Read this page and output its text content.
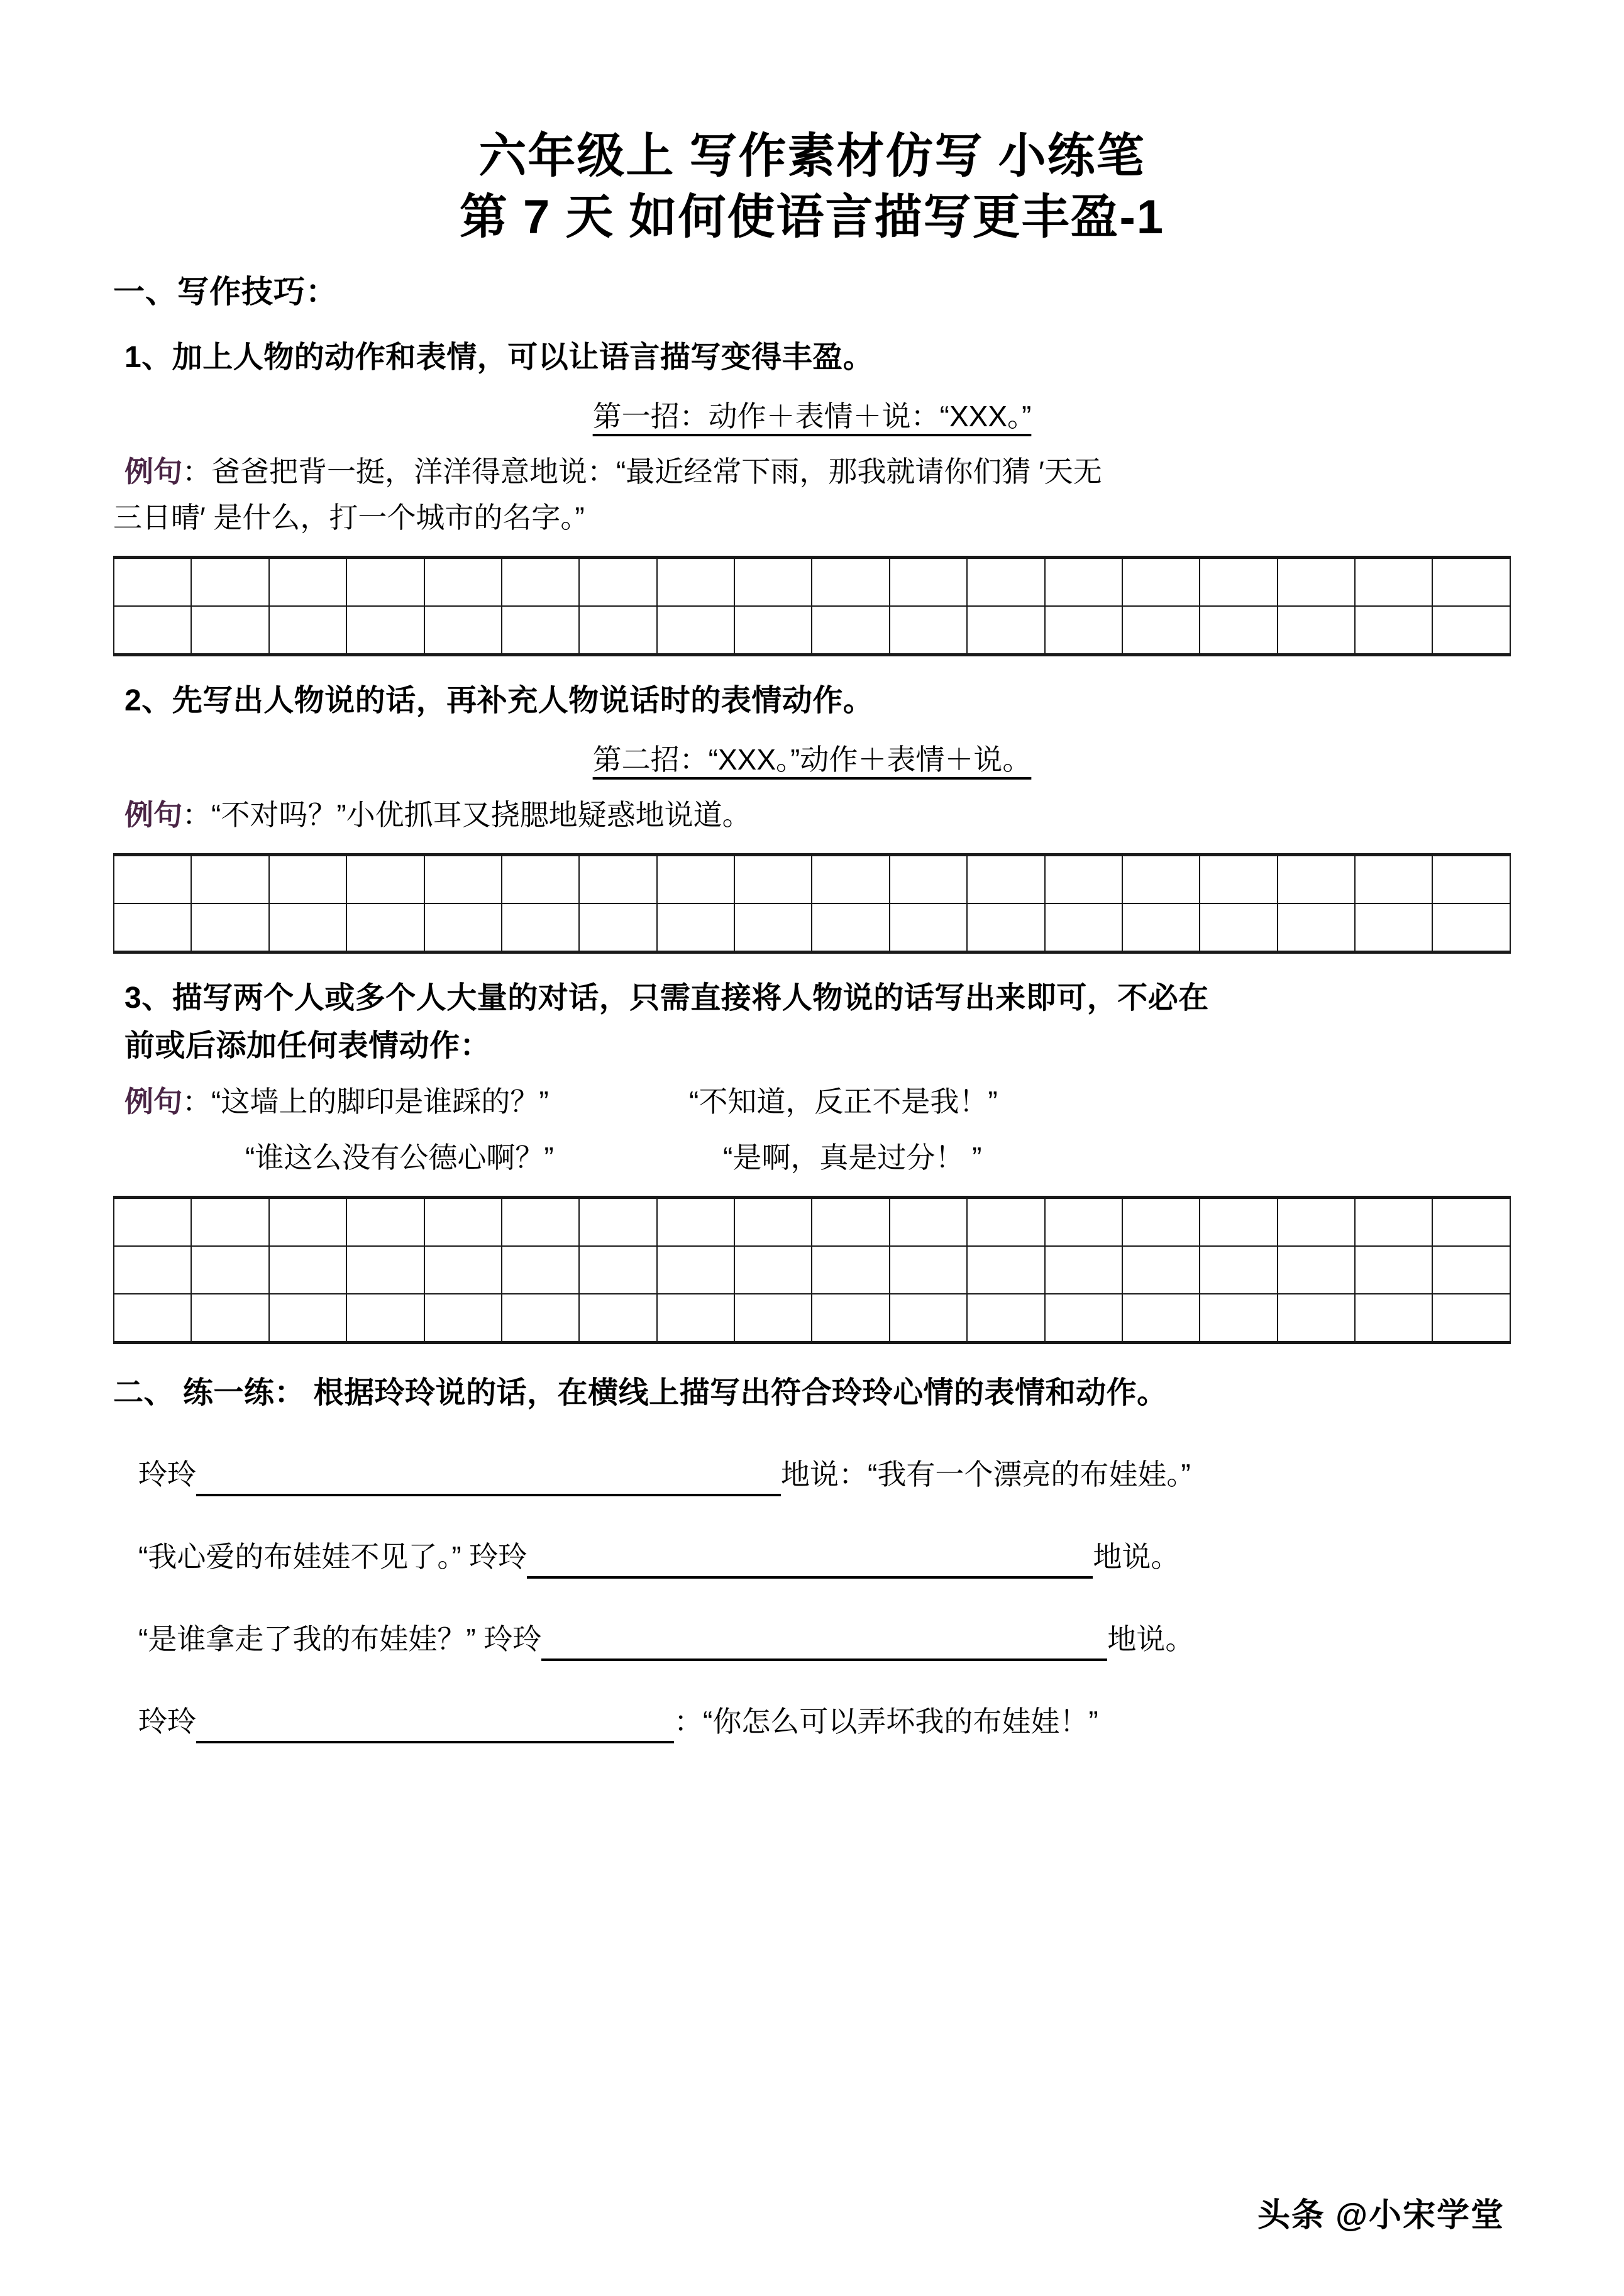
六年级上 写作素材仿写 小练笔
第 7 天 如何使语言描写更丰盈-1
一、写作技巧：
1、加上人物的动作和表情，可以让语言描写变得丰盈。
第一招：动作＋表情＋说：“XXX。”
例句：爸爸把背一挺，洋洋得意地说：“最近经常下雨，那我就请你们猜 ′天无
三日晴′ 是什么，打一个城市的名字。”

2、先写出人物说的话，再补充人物说话时的表情动作。
第二招：“XXX。”动作＋表情＋说。
例句：“不对吗？”小优抓耳又挠腮地疑惑地说道。

3、描写两个人或多个人大量的对话，只需直接将人物说的话写出来即可，不必在
前或后添加任何表情动作：
例句 ： “这墙上的脚印是谁踩的？”	“不知道，反正不是我！”
“谁这么没有公德心啊？”	“是啊，真是过分！ ”

二、 练一练： 根据玲玲说的话，在横线上描写出符合玲玲心情的表情和动作。
玲玲	地说：“我有一个漂亮的布娃娃。”
“我心爱的布娃娃不见了。” 玲玲	地说。
“是谁拿走了我的布娃娃？” 玲玲	地说。
玲玲	：“你怎么可以弄坏我的布娃娃！”
头条 @小宋学堂
